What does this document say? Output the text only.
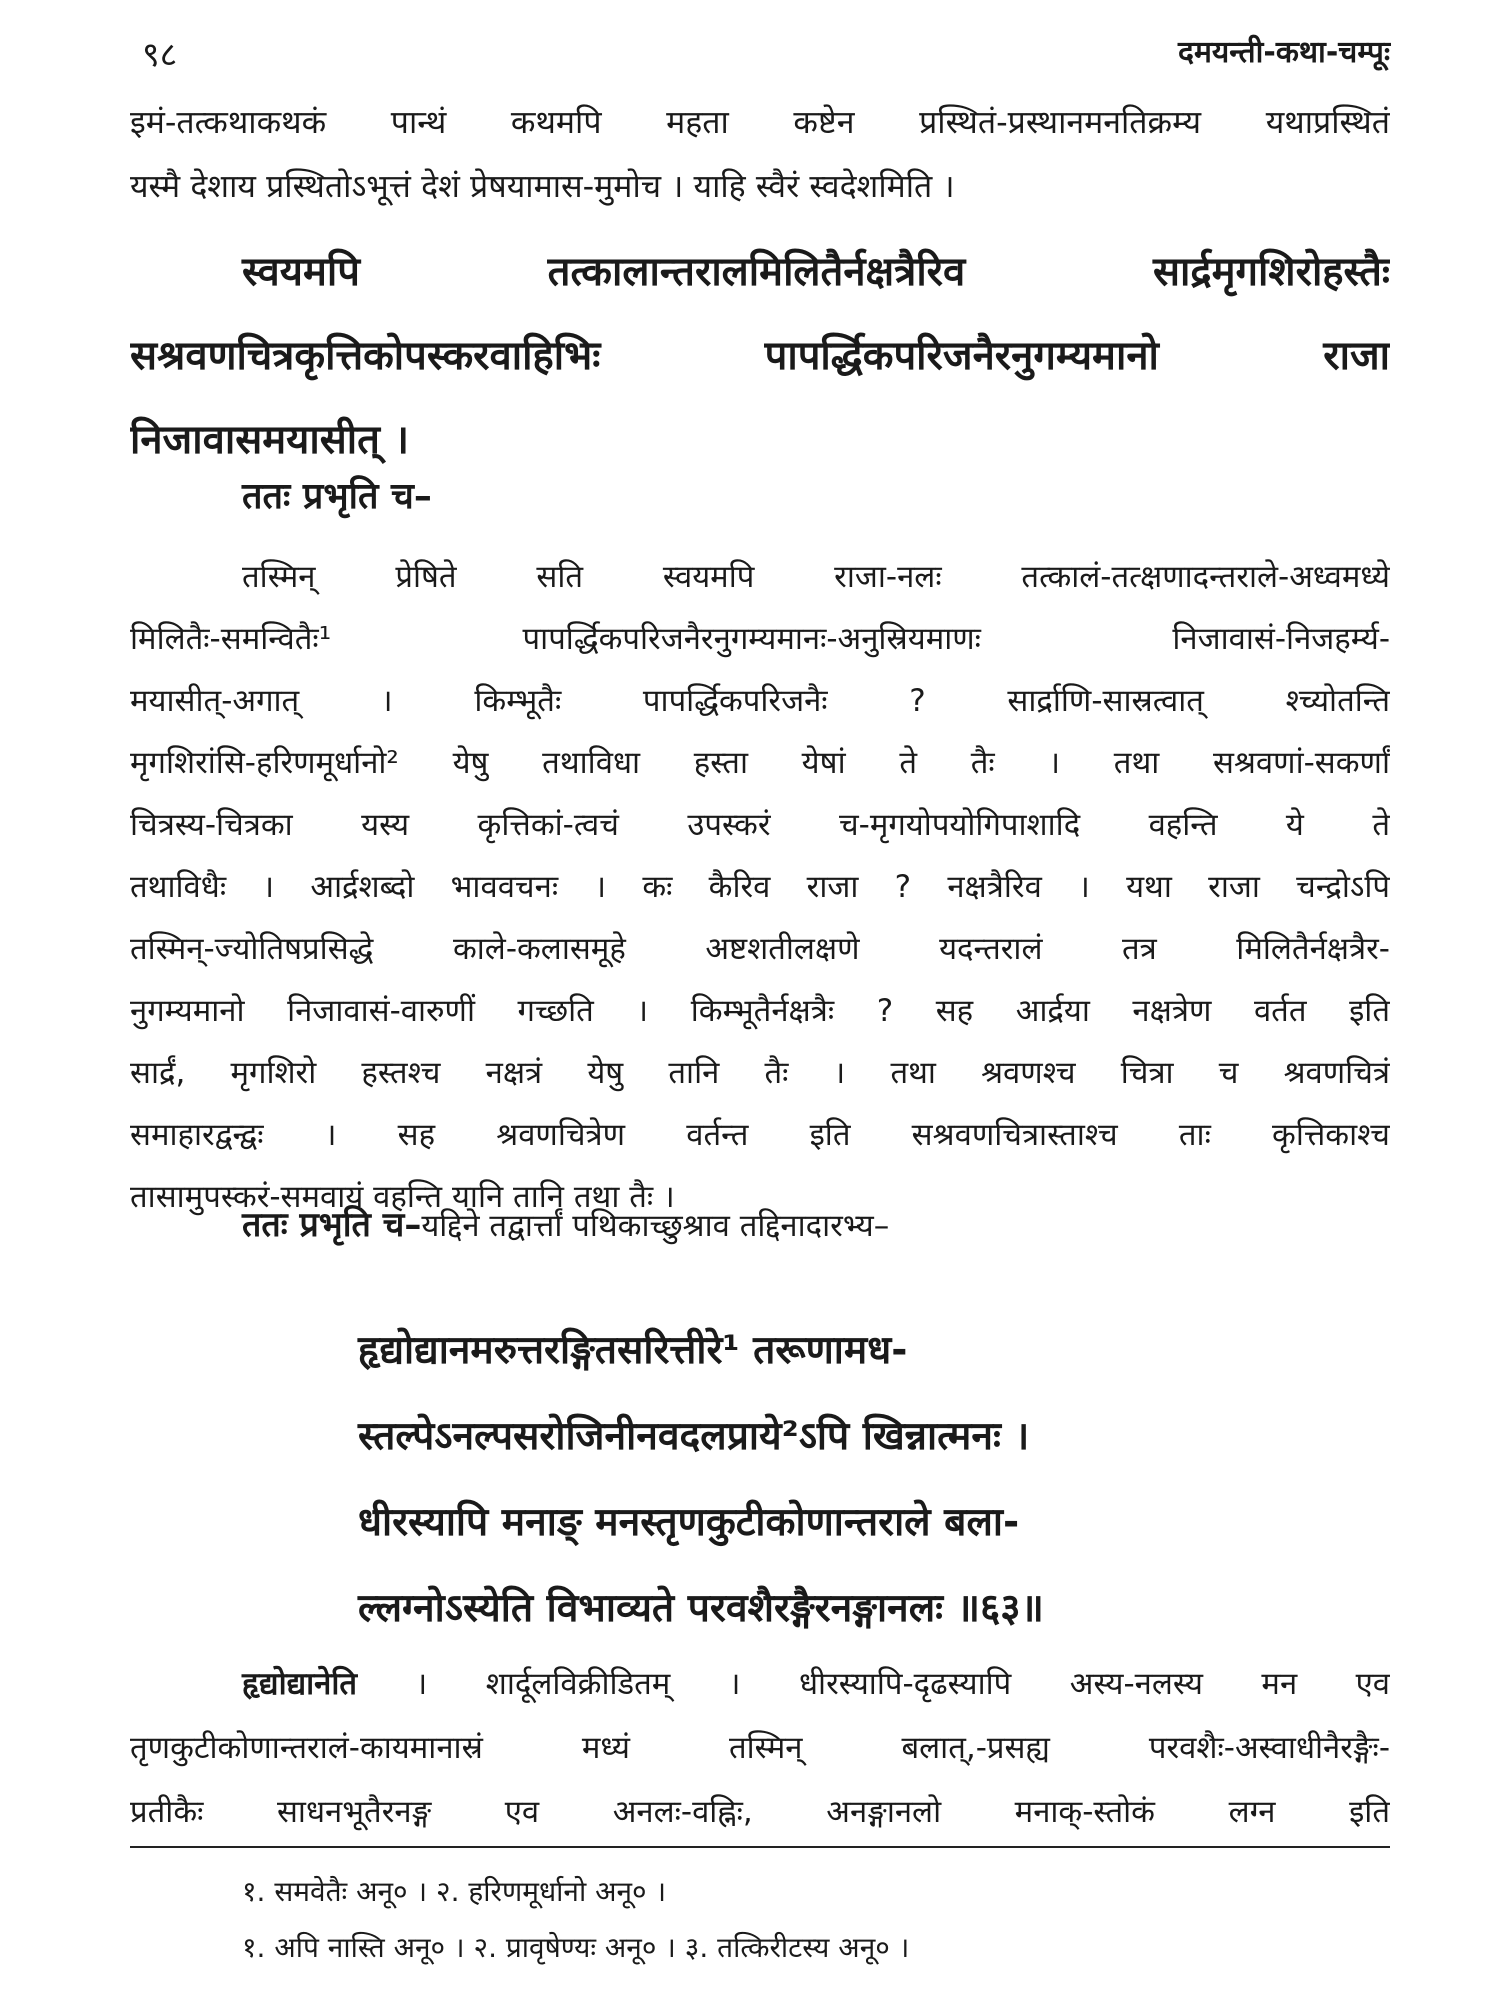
९८	दमयन्ती-कथा-चम्पूः
इमं-तत्कथाकथकं पान्थं कथमपि महता कष्टेन प्रस्थितं-प्रस्थानमनतिक्रम्य यथाप्रस्थितं
यस्मै देशाय प्रस्थितोऽभूत्तं देशं प्रेषयामास-मुमोच । याहि स्वैरं स्वदेशमिति ।
स्वयमपि तत्कालान्तरालमिलितैर्नक्षत्रैरिव सार्द्रमृगशिरोहस्तैः
सश्रवणचित्रकृत्तिकोपस्करवाहिभिः पापर्द्धिकपरिजनैरनुगम्यमानो राजा
निजावासमयासीत् ।
ततः प्रभृति च–
तस्मिन् प्रेषिते सति स्वयमपि राजा-नलः तत्कालं-तत्क्षणादन्तराले-अध्वमध्ये
मिलितैः-समन्वितैः¹ पापर्द्धिकपरिजनैरनुगम्यमानः-अनुस्रियमाणः निजावासं-निजहर्म्य-
मयासीत्-अगात् । किम्भूतैः पापर्द्धिकपरिजनैः ? सार्द्राणि-सास्रत्वात् श्च्योतन्ति
मृगशिरांसि-हरिणमूर्धानो² येषु तथाविधा हस्ता येषां ते तैः । तथा सश्रवणां-सकर्णां
चित्रस्य-चित्रका यस्य कृत्तिकां-त्वचं उपस्करं च-मृगयोपयोगिपाशादि वहन्ति ये ते
तथाविधैः । आर्द्रशब्दो भाववचनः । कः कैरिव राजा ? नक्षत्रैरिव । यथा राजा चन्द्रोऽपि
तस्मिन्-ज्योतिषप्रसिद्धे काले-कलासमूहे अष्टशतीलक्षणे यदन्तरालं तत्र मिलितैर्नक्षत्रैर-
नुगम्यमानो निजावासं-वारुणीं गच्छति । किम्भूतैर्नक्षत्रैः ? सह आर्द्रया नक्षत्रेण वर्तत इति
सार्द्रं, मृगशिरो हस्तश्च नक्षत्रं येषु तानि तैः । तथा श्रवणश्च चित्रा च श्रवणचित्रं
समाहारद्वन्द्वः । सह श्रवणचित्रेण वर्तन्त इति सश्रवणचित्रास्ताश्च ताः कृत्तिकाश्च
तासामुपस्करं-समवायं वहन्ति यानि तानि तथा तैः ।
ततः प्रभृति च–यद्दिने तद्वार्त्तां पथिकाच्छुश्राव तद्दिनादारभ्य–
हृद्योद्यानमरुत्तरङ्गितसरित्तीरे¹ तरूणामध-
स्तल्पेऽनल्पसरोजिनीनवदलप्राये²ऽपि खिन्नात्मनः ।
धीरस्यापि मनाङ् मनस्तृणकुटीकोणान्तराले बला-
ल्लग्नोऽस्येति विभाव्यते परवशैरङ्गैरनङ्गानलः ॥६३॥
हृद्योद्यानेति । शार्दूलविक्रीडितम् । धीरस्यापि-दृढस्यापि अस्य-नलस्य मन एव
तृणकुटीकोणान्तरालं-कायमानास्रं मध्यं तस्मिन् बलात्,-प्रसह्य परवशैः-अस्वाधीनैरङ्गैः-
प्रतीकैः साधनभूतैरनङ्ग एव अनलः-वह्निः, अनङ्गानलो मनाक्-स्तोकं लग्न इति
१. समवेतैः अनू० । २. हरिणमूर्धानो अनू० ।
१. अपि नास्ति अनू० । २. प्रावृषेण्यः अनू० । ३. तत्किरीटस्य अनू० ।
